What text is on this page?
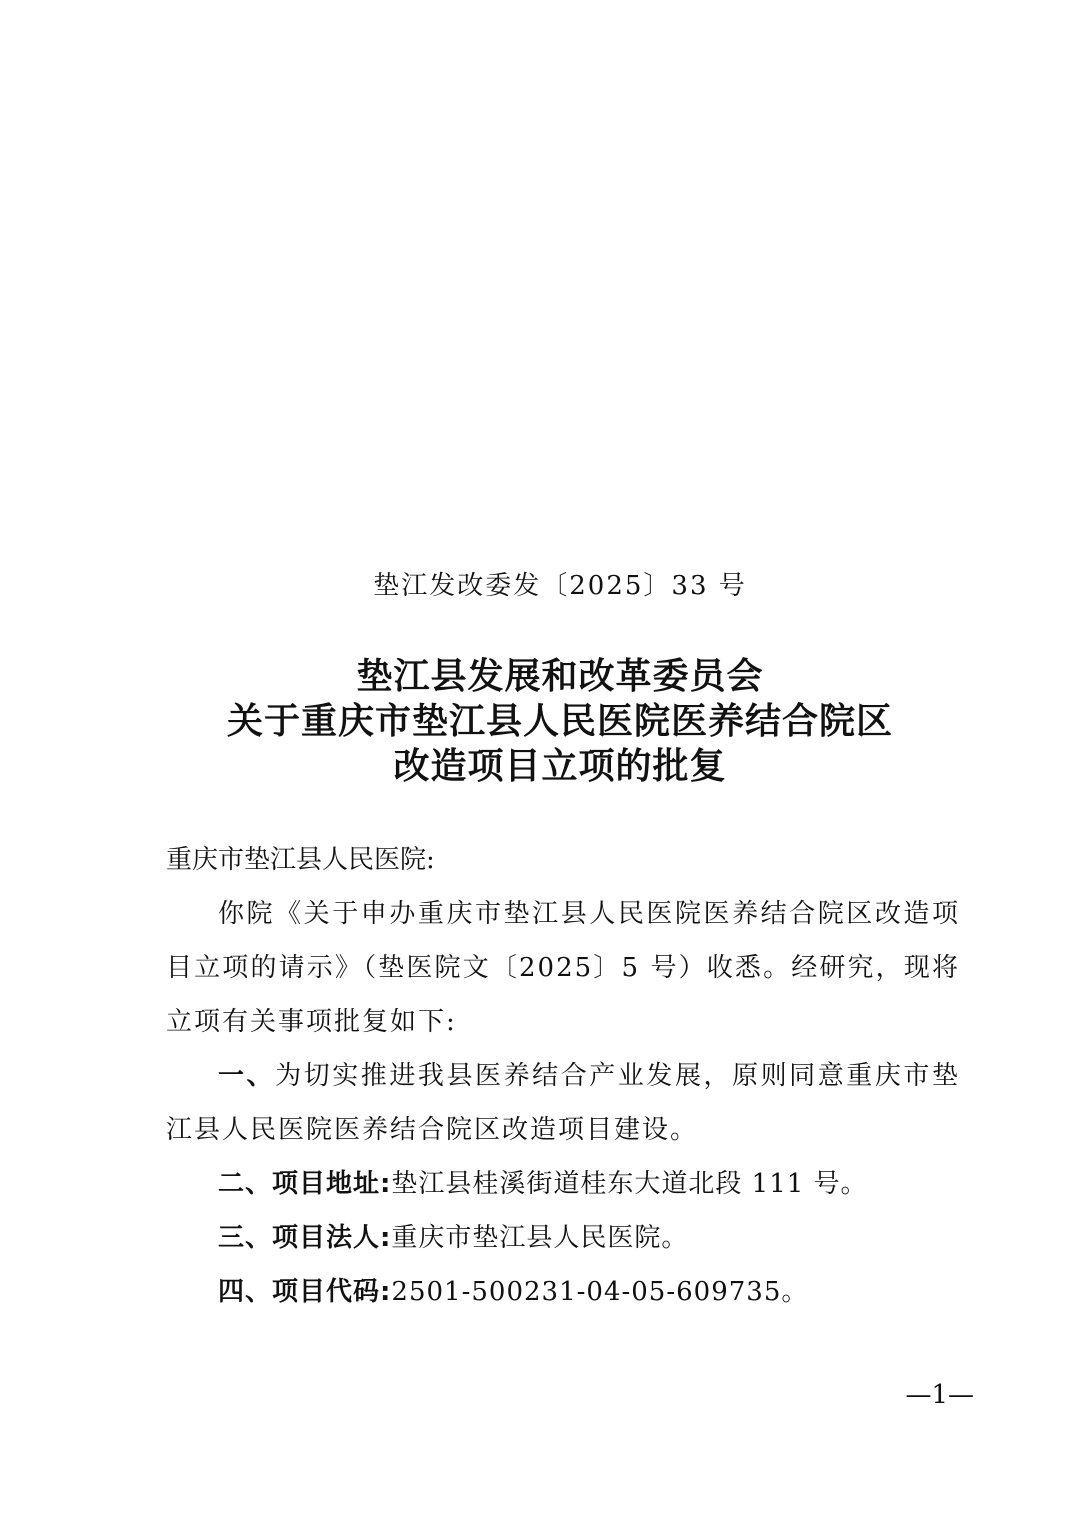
垫江发改委发〔2025〕33 号
垫江县发展和改革委员会
关于重庆市垫江县人民医院医养结合院区
改造项目立项的批复

重庆市垫江县人民医院:

你院《关于申办重庆市垫江县人民医院医养结合院区改造项目立项的请示》（垫医院文〔2025〕5 号）收悉。经研究，现将立项有关事项批复如下:

一、为切实推进我县医养结合产业发展，原则同意重庆市垫江县人民医院医养结合院区改造项目建设。

二、项目地址:垫江县桂溪街道桂东大道北段 111 号。

三、项目法人:重庆市垫江县人民医院。

四、项目代码:2501-500231-04-05-609735。

—1—
